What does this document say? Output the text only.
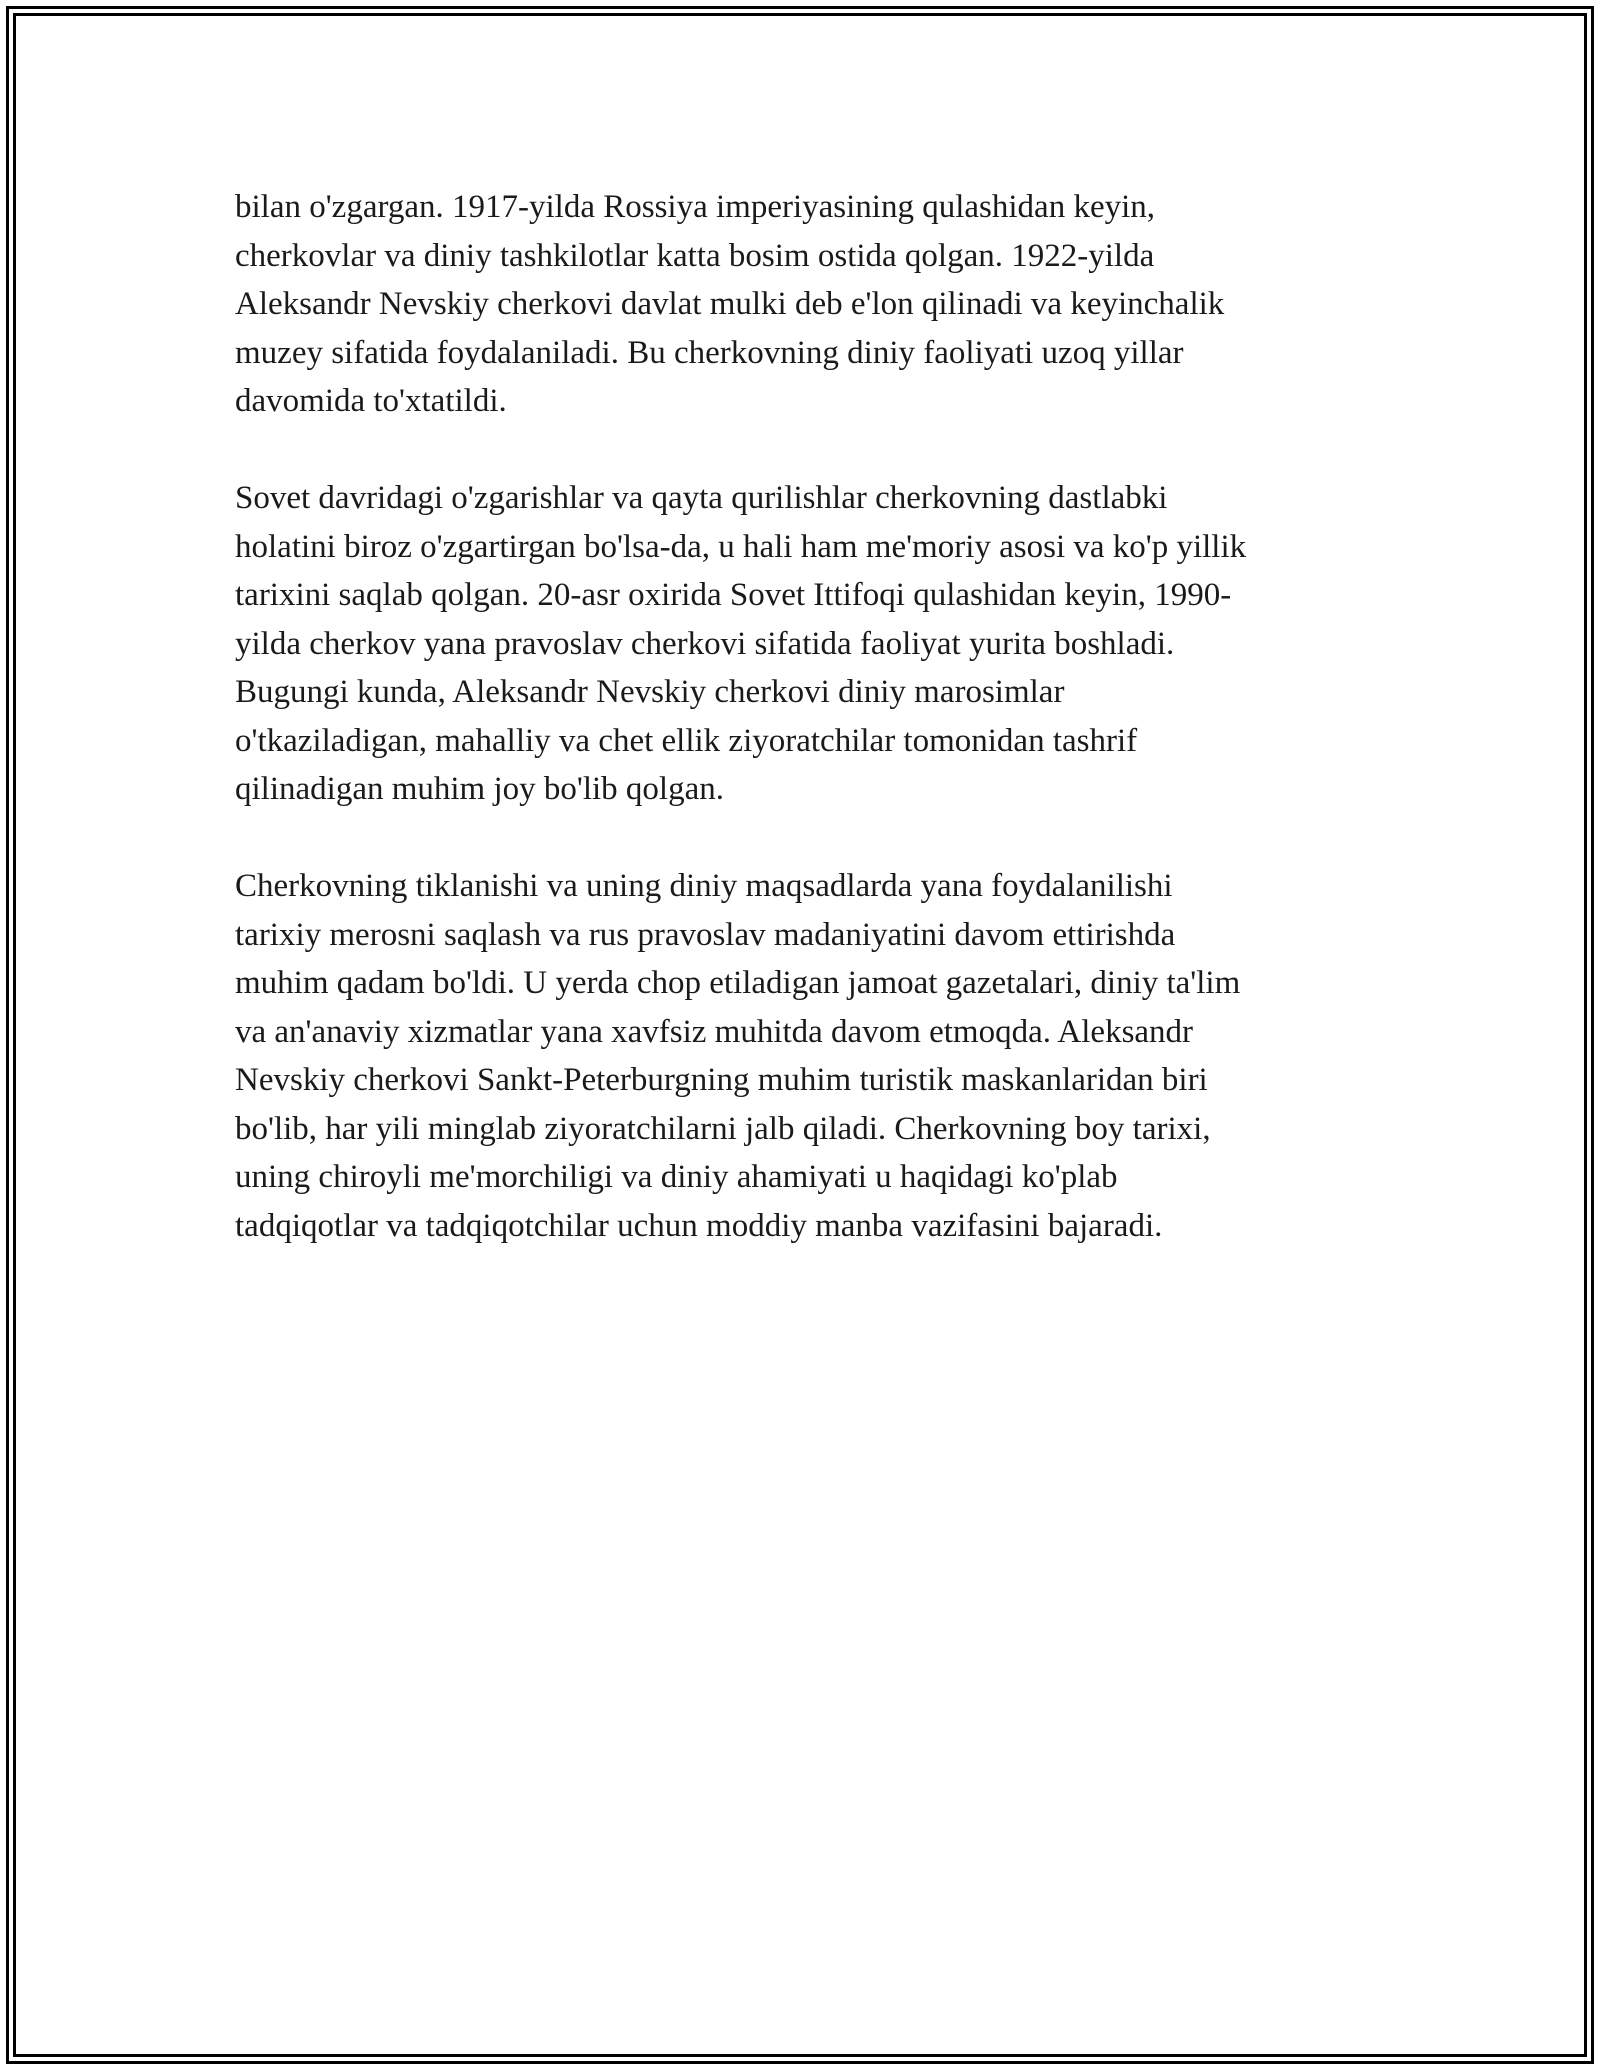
bilan o'zgargan. 1917-yilda Rossiya imperiyasining qulashidan keyin,
cherkovlar va diniy tashkilotlar katta bosim ostida qolgan. 1922-yilda
Aleksandr Nevskiy cherkovi davlat mulki deb e'lon qilinadi va keyinchalik
muzey sifatida foydalaniladi. Bu cherkovning diniy faoliyati uzoq yillar
davomida to'xtatildi.

Sovet davridagi o'zgarishlar va qayta qurilishlar cherkovning dastlabki
holatini biroz o'zgartirgan bo'lsa-da, u hali ham me'moriy asosi va ko'p yillik
tarixini saqlab qolgan. 20-asr oxirida Sovet Ittifoqi qulashidan keyin, 1990-
yilda cherkov yana pravoslav cherkovi sifatida faoliyat yurita boshladi.
Bugungi kunda, Aleksandr Nevskiy cherkovi diniy marosimlar
o'tkaziladigan, mahalliy va chet ellik ziyoratchilar tomonidan tashrif
qilinadigan muhim joy bo'lib qolgan.

Cherkovning tiklanishi va uning diniy maqsadlarda yana foydalanilishi
tarixiy merosni saqlash va rus pravoslav madaniyatini davom ettirishda
muhim qadam bo'ldi. U yerda chop etiladigan jamoat gazetalari, diniy ta'lim
va an'anaviy xizmatlar yana xavfsiz muhitda davom etmoqda. Aleksandr
Nevskiy cherkovi Sankt-Peterburgning muhim turistik maskanlaridan biri
bo'lib, har yili minglab ziyoratchilarni jalb qiladi. Cherkovning boy tarixi,
uning chiroyli me'morchiligi va diniy ahamiyati u haqidagi ko'plab
tadqiqotlar va tadqiqotchilar uchun moddiy manba vazifasini bajaradi.
